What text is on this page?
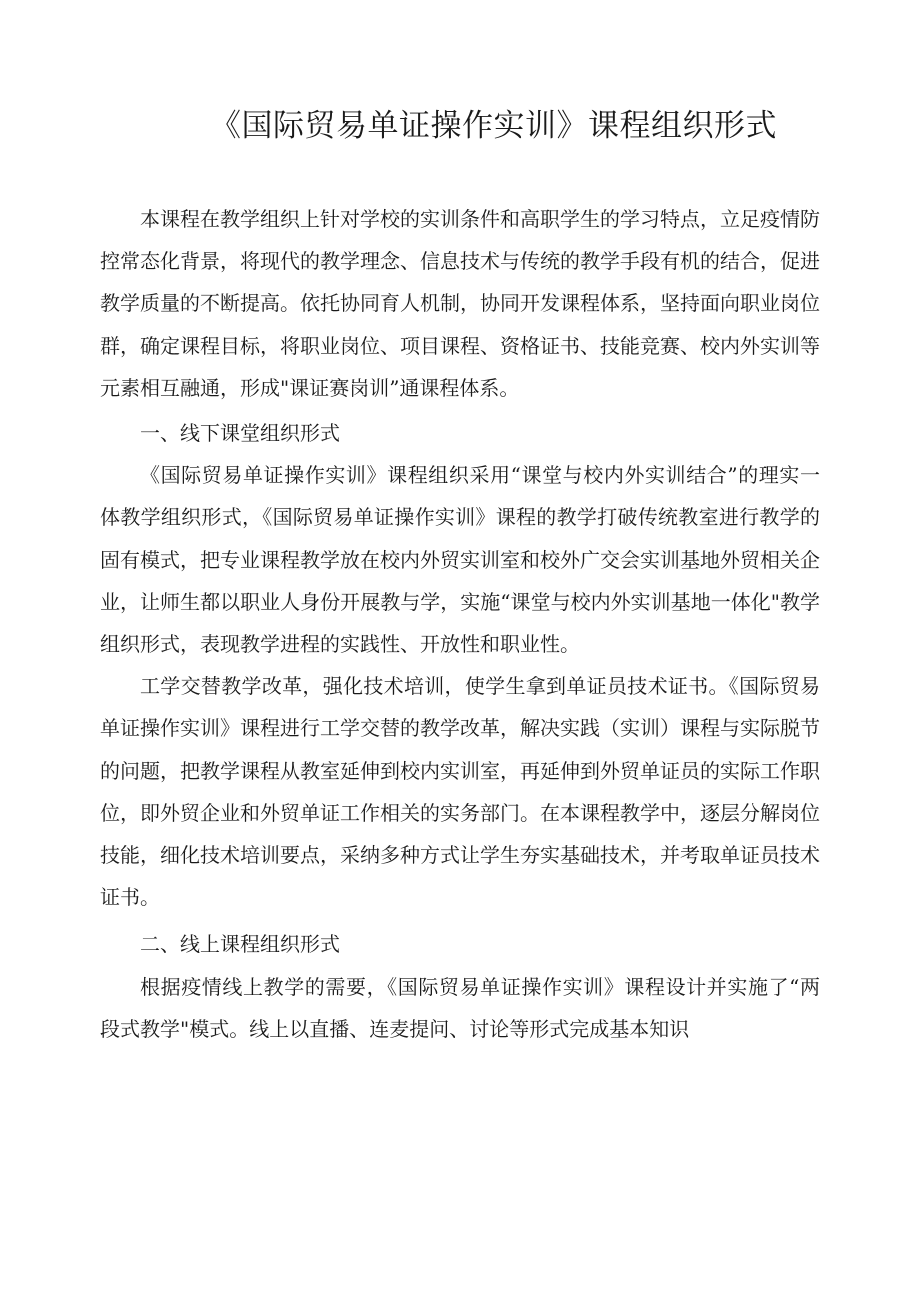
《国际贸易单证操作实训》课程组织形式

本课程在教学组织上针对学校的实训条件和高职学生的学习特点，立足疫情防控常态化背景，将现代的教学理念、信息技术与传统的教学手段有机的结合，促进教学质量的不断提高。依托协同育人机制，协同开发课程体系，坚持面向职业岗位群，确定课程目标，将职业岗位、项目课程、资格证书、技能竞赛、校内外实训等元素相互融通，形成"课证赛岗训”通课程体系。

一、线下课堂组织形式

《国际贸易单证操作实训》课程组织采用“课堂与校内外实训结合”的理实一体教学组织形式，《国际贸易单证操作实训》课程的教学打破传统教室进行教学的固有模式，把专业课程教学放在校内外贸实训室和校外广交会实训基地外贸相关企业，让师生都以职业人身份开展教与学，实施“课堂与校内外实训基地一体化"教学组织形式，表现教学进程的实践性、开放性和职业性。

工学交替教学改革，强化技术培训，使学生拿到单证员技术证书。《国际贸易单证操作实训》课程进行工学交替的教学改革，解决实践（实训）课程与实际脱节的问题，把教学课程从教室延伸到校内实训室，再延伸到外贸单证员的实际工作职位，即外贸企业和外贸单证工作相关的实务部门。在本课程教学中，逐层分解岗位技能，细化技术培训要点，采纳多种方式让学生夯实基础技术，并考取单证员技术证书。

二、线上课程组织形式

根据疫情线上教学的需要，《国际贸易单证操作实训》课程设计并实施了“两段式教学"模式。线上以直播、连麦提问、讨论等形式完成基本知识
